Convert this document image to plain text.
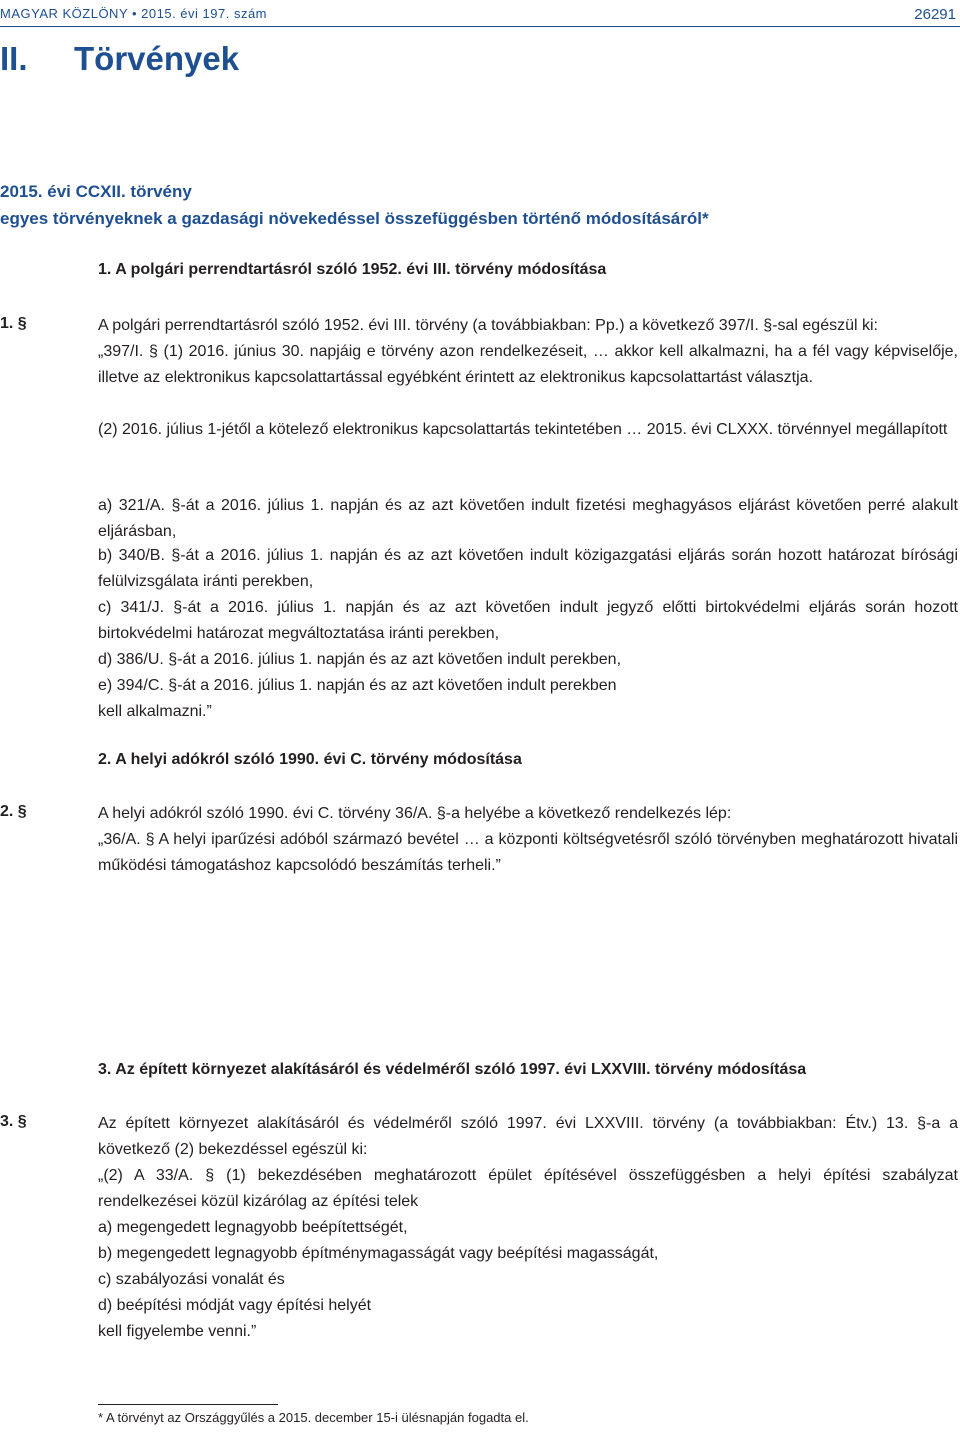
MAGYAR KÖZLÖNY • 2015. évi 197. szám	26291
II. Törvények
2015. évi CCXII. törvény
egyes törvényeknek a gazdasági növekedéssel összefüggésben történő módosításáról*
1. A polgári perrendtartásról szóló 1952. évi III. törvény módosítása
1. §	A polgári perrendtartásról szóló 1952. évi III. törvény (a továbbiakban: Pp.) a következő 397/I. §-sal egészül ki:
„397/I. § (1) 2016. június 30. napjáig e törvény azon rendelkezéseit, … akkor kell alkalmazni, ha a fél vagy képviselője, illetve az elektronikus kapcsolattartással egyébként érintett az elektronikus kapcsolattartást választja.
(2) 2016. július 1-jétől a kötelező elektronikus kapcsolattartás tekintetében … 2015. évi CLXXX. törvénnyel megállapított
a) 321/A. §-át a 2016. július 1. napján és az azt követően indult fizetési meghagyásos eljárást követően perré alakult eljárásban,
b) 340/B. §-át a 2016. július 1. napján és az azt követően indult közigazgatási eljárás során hozott határozat bírósági felülvizsgálata iránti perekben,
c) 341/J. §-át a 2016. július 1. napján és az azt követően indult jegyző előtti birtokvédelmi eljárás során hozott birtokvédelmi határozat megváltoztatása iránti perekben,
d) 386/U. §-át a 2016. július 1. napján és az azt követően indult perekben,
e) 394/C. §-át a 2016. július 1. napján és az azt követően indult perekben
kell alkalmazni.”
2. A helyi adókról szóló 1990. évi C. törvény módosítása
2. §	A helyi adókról szóló 1990. évi C. törvény 36/A. §-a helyébe a következő rendelkezés lép:
„36/A. § A helyi iparűzési adóból származó bevétel … a központi költségvetésről szóló törvényben meghatározott hivatali működési támogatáshoz kapcsolódó beszámítás terheli.”
3. Az épített környezet alakításáról és védelméről szóló 1997. évi LXXVIII. törvény módosítása
3. §	Az épített környezet alakításáról és védelméről szóló 1997. évi LXXVIII. törvény (a továbbiakban: Étv.) 13. §-a a következő (2) bekezdéssel egészül ki:
„(2) A 33/A. § (1) bekezdésében meghatározott épület építésével összefüggésben a helyi építési szabályzat rendelkezései közül kizárólag az építési telek
a) megengedett legnagyobb beépítettségét,
b) megengedett legnagyobb építménymagasságát vagy beépítési magasságát,
c) szabályozási vonalát és
d) beépítési módját vagy építési helyét
kell figyelembe venni.”
* A törvényt az Országgyűlés a 2015. december 15-i ülésnapján fogadta el.
